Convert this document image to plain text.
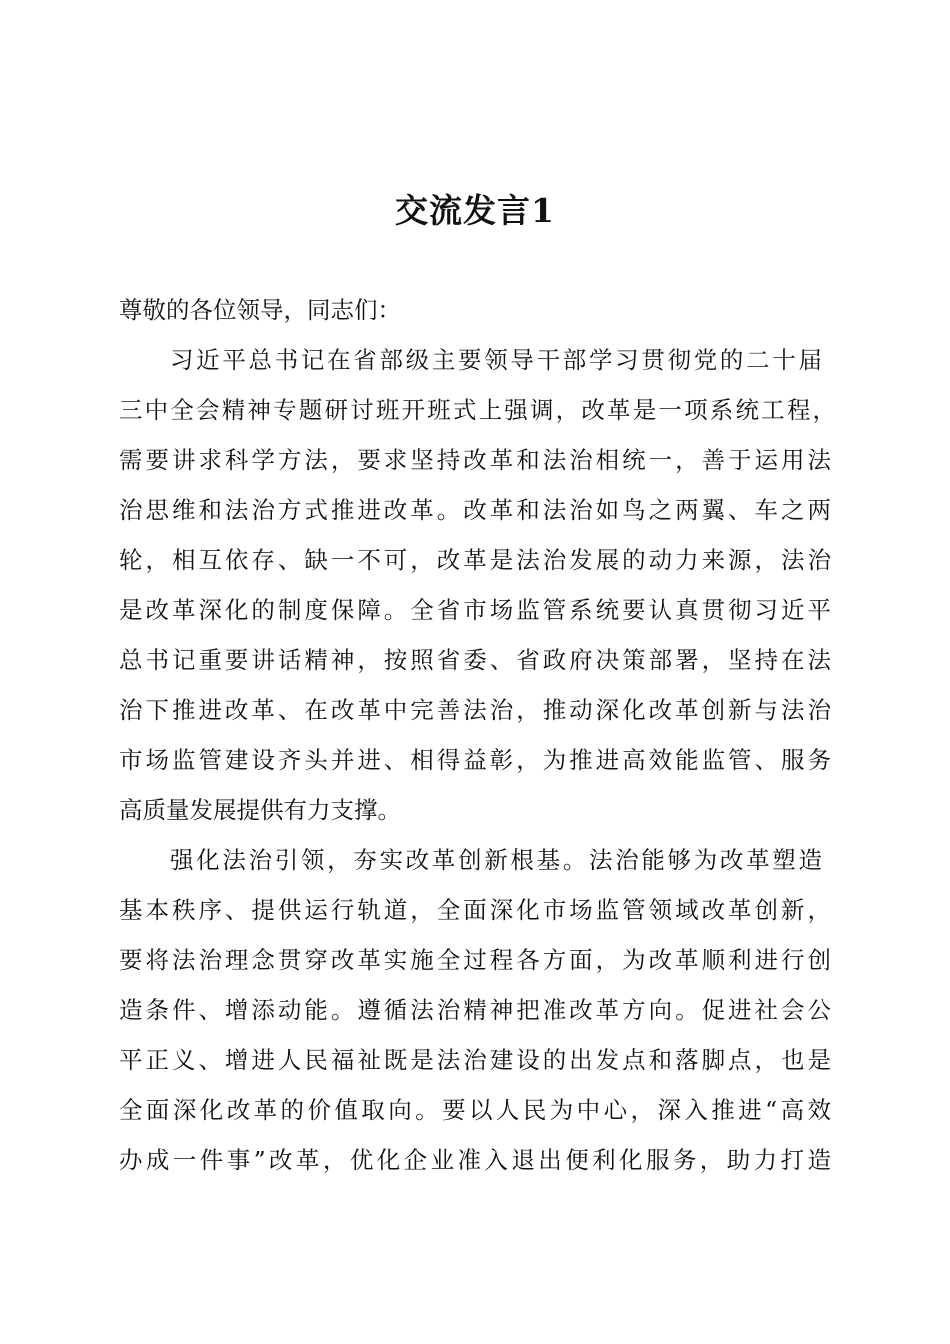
交流发言1

尊敬的各位领导，同志们：

习近平总书记在省部级主要领导干部学习贯彻党的二十届

三中全会精神专题研讨班开班式上强调，改革是一项系统工程，

需要讲求科学方法，要求坚持改革和法治相统一，善于运用法

治思维和法治方式推进改革。改革和法治如鸟之两翼、车之两

轮，相互依存、缺一不可，改革是法治发展的动力来源，法治

是改革深化的制度保障。全省市场监管系统要认真贯彻习近平

总书记重要讲话精神，按照省委、省政府决策部署，坚持在法

治下推进改革、在改革中完善法治，推动深化改革创新与法治

市场监管建设齐头并进、相得益彰，为推进高效能监管、服务

高质量发展提供有力支撑。

强化法治引领，夯实改革创新根基。法治能够为改革塑造

基本秩序、提供运行轨道，全面深化市场监管领域改革创新，

要将法治理念贯穿改革实施全过程各方面，为改革顺利进行创

造条件、增添动能。遵循法治精神把准改革方向。促进社会公

平正义、增进人民福祉既是法治建设的出发点和落脚点，也是

全面深化改革的价值取向。要以人民为中心，深入推进“高效

办成一件事”改革，优化企业准入退出便利化服务，助力打造
